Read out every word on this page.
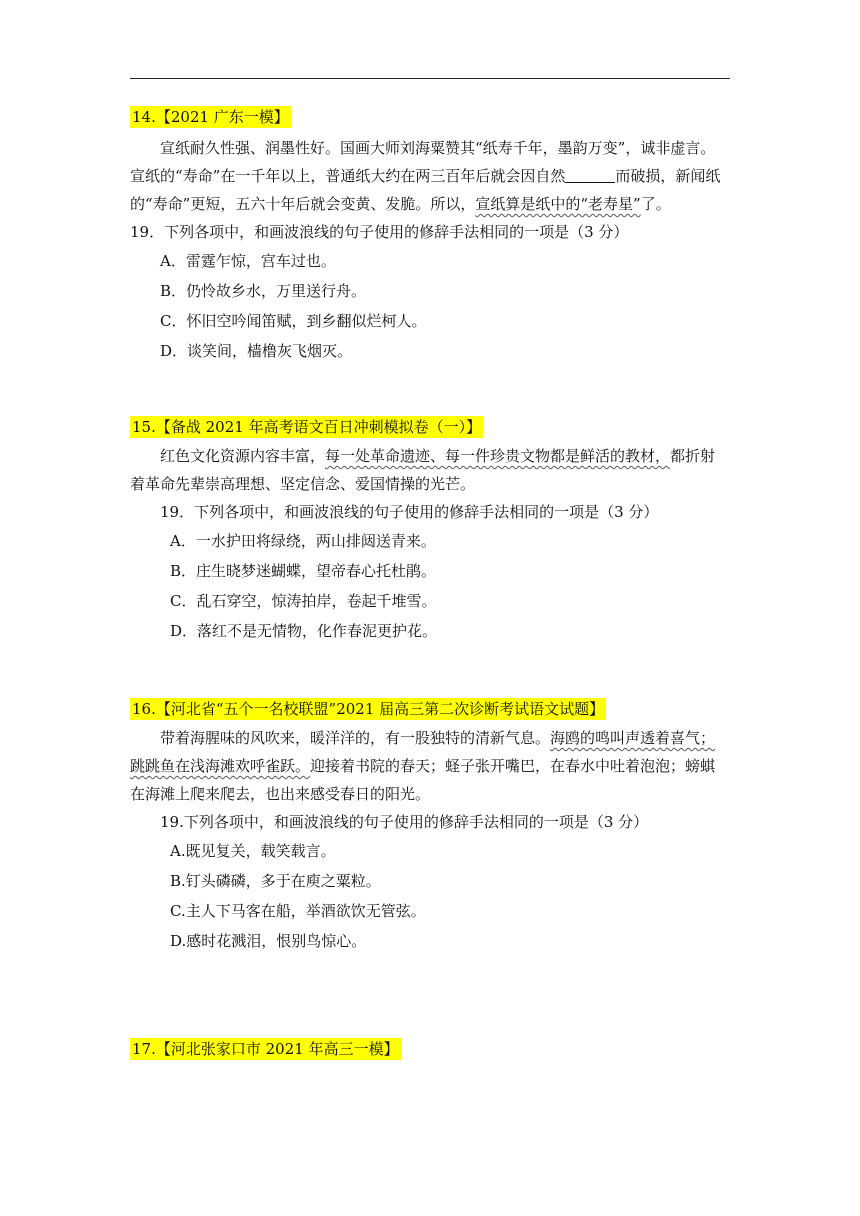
14.【2021 广东一模】

宣纸耐久性强、润墨性好。国画大师刘海粟赞其“纸寿千年，墨韵万变”，诚非虚言。宣纸的“寿命”在一千年以上，普通纸大约在两三百年后就会因自然	而破损，新闻纸的“寿命”更短，五六十年后就会变黄、发脆。所以，宣纸算是纸中的“老寿星”了。

19．下列各项中，和画波浪线的句子使用的修辞手法相同的一项是（3 分）

A．雷霆乍惊，宫车过也。

B．仍怜故乡水，万里送行舟。

C．怀旧空吟闻笛赋，到乡翻似烂柯人。

D．谈笑间，樯橹灰飞烟灭。

15.【备战 2021 年高考语文百日冲刺模拟卷（一）】

红色文化资源内容丰富，每一处革命遗迹、每一件珍贵文物都是鲜活的教材，都折射着革命先辈崇高理想、坚定信念、爱国情操的光芒。

19．下列各项中，和画波浪线的句子使用的修辞手法相同的一项是（3 分）

A．一水护田将绿绕，两山排闼送青来。

B．庄生晓梦迷蝴蝶，望帝春心托杜鹃。

C．乱石穿空，惊涛拍岸，卷起千堆雪。

D．落红不是无情物，化作春泥更护花。

16.【河北省“五个一名校联盟”2021 届高三第二次诊断考试语文试题】

带着海腥味的风吹来，暖洋洋的，有一股独特的清新气息。海鸥的鸣叫声透着喜气；跳跳鱼在浅海滩欢呼雀跃。迎接着书院的春天；蛏子张开嘴巴，在春水中吐着泡泡；螃蜞在海滩上爬来爬去，也出来感受春日的阳光。

19.下列各项中，和画波浪线的句子使用的修辞手法相同的一项是（3 分）

A.既见复关，载笑载言。

B.钉头磷磷，多于在庾之粟粒。

C.主人下马客在船，举酒欲饮无管弦。

D.感时花溅泪，恨别鸟惊心。

17.【河北张家口市 2021 年高三一模】
